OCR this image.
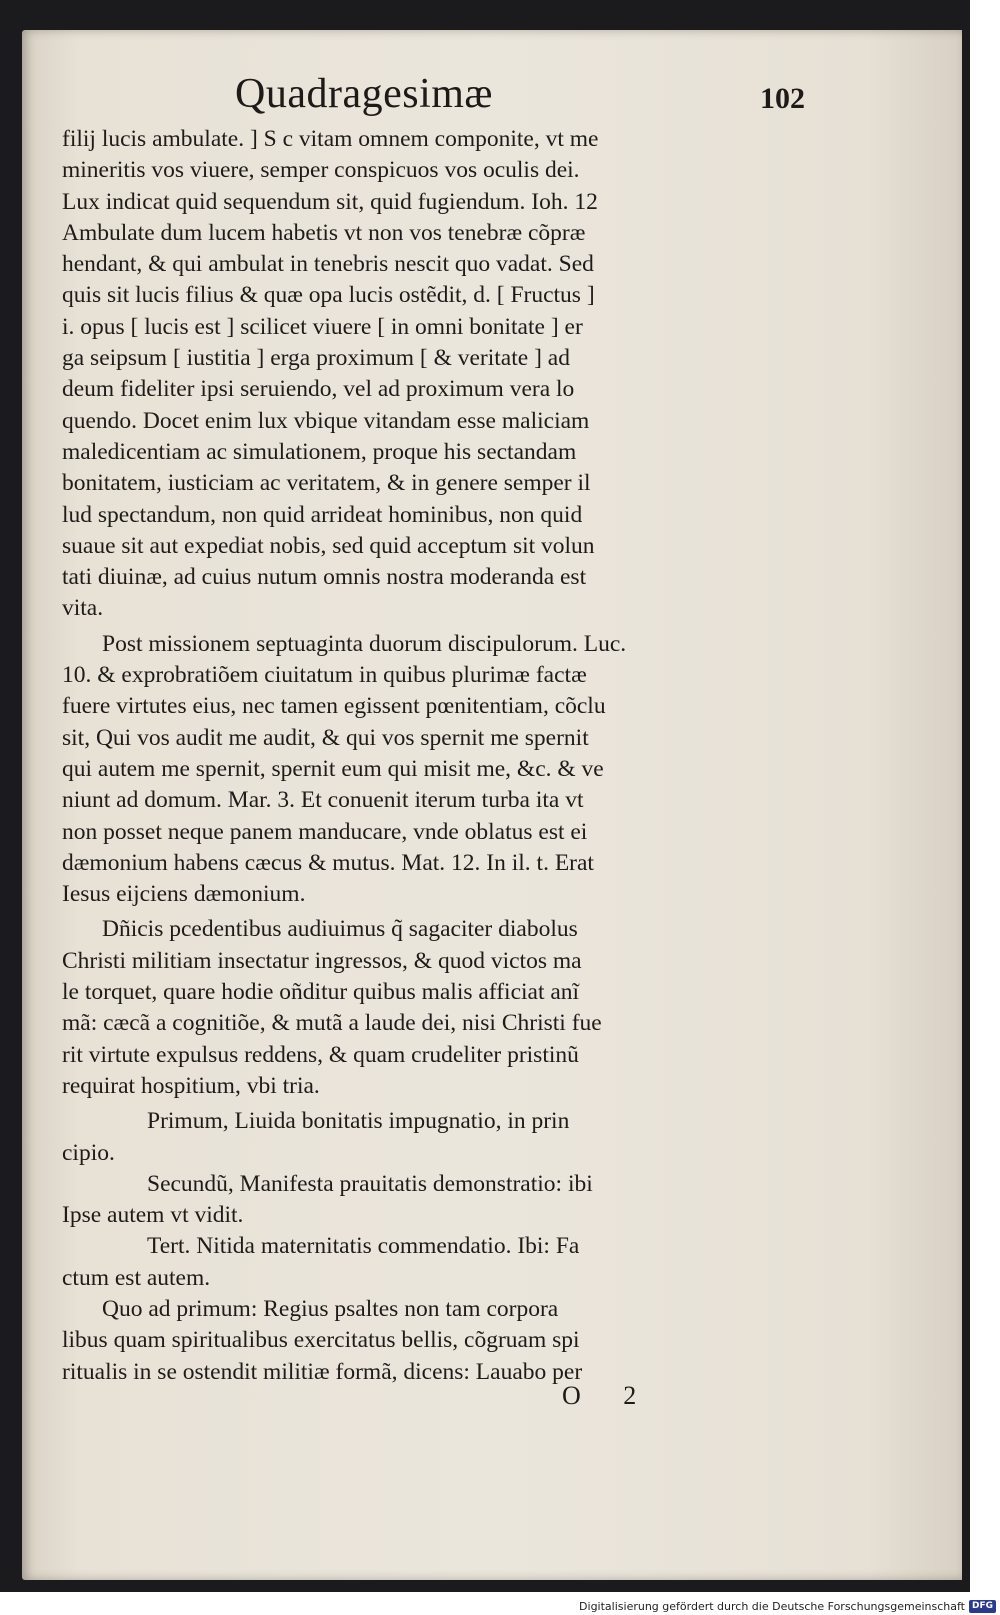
Quadragesimæ	102
filij lucis ambulate. ] S c vitam omnem componite, vt me
mineritis vos viuere, semper conspicuos vos oculis dei.
Lux indicat quid sequendum sit, quid fugiendum. Ioh. 12
Ambulate dum lucem habetis vt non vos tenebræ cõpræ
hendant, & qui ambulat in tenebris nescit quo vadat. Sed
quis sit lucis filius & quæ opa lucis ostẽdit, d. [ Fructus ]
i. opus [ lucis est ] scilicet viuere [ in omni bonitate ] er
ga seipsum [ iustitia ] erga proximum [ & veritate ] ad
deum fideliter ipsi seruiendo, vel ad proximum vera lo
quendo. Docet enim lux vbique vitandam esse maliciam
maledicentiam ac simulationem, proque his sectandam
bonitatem, iusticiam ac veritatem, & in genere semper il
lud spectandum, non quid arrideat hominibus, non quid
suaue sit aut expediat nobis, sed quid acceptum sit volun
tati diuinæ, ad cuius nutum omnis nostra moderanda est
vita.
Post missionem septuaginta duorum discipulorum. Luc.
10. & exprobratiõem ciuitatum in quibus plurimæ factæ
fuere virtutes eius, nec tamen egissent pœnitentiam, cõclu
sit, Qui vos audit me audit, & qui vos spernit me spernit
qui autem me spernit, spernit eum qui misit me, &c. & ve
niunt ad domum. Mar. 3. Et conuenit iterum turba ita vt
non posset neque panem manducare, vnde oblatus est ei
dæmonium habens cæcus & mutus. Mat. 12. In il. t. Erat
Iesus eijciens dæmonium.
Dñicis pcedentibus audiuimus q̃ sagaciter diabolus
Christi militiam insectatur ingressos, & quod victos ma
le torquet, quare hodie oñditur quibus malis afficiat anĩ
mã: cæcã a cognitiõe, & mutã a laude dei, nisi Christi fue
rit virtute expulsus reddens, & quam crudeliter pristinũ
requirat hospitium, vbi tria.
Primum, Liuida bonitatis impugnatio, in prin
cipio.
Secundũ, Manifesta prauitatis demonstratio: ibi
Ipse autem vt vidit.
Tert. Nitida maternitatis commendatio. Ibi: Fa
ctum est autem.
Quo ad primum: Regius psaltes non tam corpora
libus quam spiritualibus exercitatus bellis, cõgruam spi
ritualis in se ostendit militiæ formã, dicens: Lauabo per
O 2
Digitalisierung gefördert durch die Deutsche Forschungsgemeinschaft DFG
